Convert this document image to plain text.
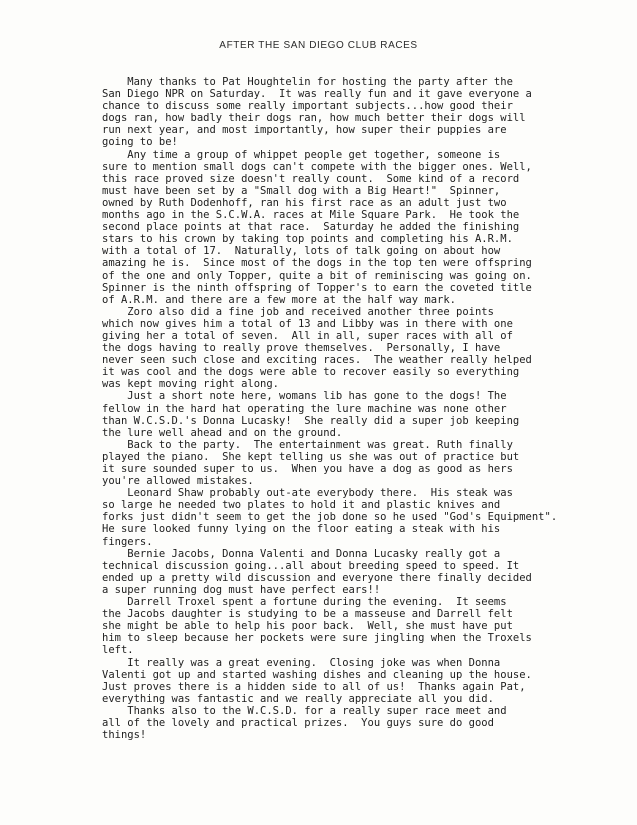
AFTER THE SAN DIEGO CLUB RACES
Many thanks to Pat Houghtelin for hosting the party after the
San Diego NPR on Saturday.  It was really fun and it gave everyone a
chance to discuss some really important subjects...how good their
dogs ran, how badly their dogs ran, how much better their dogs will
run next year, and most importantly, how super their puppies are
going to be!
Any time a group of whippet people get together, someone is
sure to mention small dogs can't compete with the bigger ones. Well,
this race proved size doesn't really count.  Some kind of a record
must have been set by a "Small dog with a Big Heart!"  Spinner,
owned by Ruth Dodenhoff, ran his first race as an adult just two
months ago in the S.C.W.A. races at Mile Square Park.  He took the
second place points at that race.  Saturday he added the finishing
stars to his crown by taking top points and completing his A.R.M.
with a total of 17.  Naturally, lots of talk going on about how
amazing he is.  Since most of the dogs in the top ten were offspring
of the one and only Topper, quite a bit of reminiscing was going on.
Spinner is the ninth offspring of Topper's to earn the coveted title
of A.R.M. and there are a few more at the half way mark.
Zoro also did a fine job and received another three points
which now gives him a total of 13 and Libby was in there with one
giving her a total of seven.  All in all, super races with all of
the dogs having to really prove themselves.  Personally, I have
never seen such close and exciting races.  The weather really helped
it was cool and the dogs were able to recover easily so everything
was kept moving right along.
Just a short note here, womans lib has gone to the dogs! The
fellow in the hard hat operating the lure machine was none other
than W.C.S.D.'s Donna Lucasky!  She really did a super job keeping
the lure well ahead and on the ground.
Back to the party.  The entertainment was great. Ruth finally
played the piano.  She kept telling us she was out of practice but
it sure sounded super to us.  When you have a dog as good as hers
you're allowed mistakes.
Leonard Shaw probably out-ate everybody there.  His steak was
so large he needed two plates to hold it and plastic knives and
forks just didn't seem to get the job done so he used "God's Equipment".
He sure looked funny lying on the floor eating a steak with his
fingers.
Bernie Jacobs, Donna Valenti and Donna Lucasky really got a
technical discussion going...all about breeding speed to speed. It
ended up a pretty wild discussion and everyone there finally decided
a super running dog must have perfect ears!!
Darrell Troxel spent a fortune during the evening.  It seems
the Jacobs daughter is studying to be a masseuse and Darrell felt
she might be able to help his poor back.  Well, she must have put
him to sleep because her pockets were sure jingling when the Troxels
left.
It really was a great evening.  Closing joke was when Donna
Valenti got up and started washing dishes and cleaning up the house.
Just proves there is a hidden side to all of us!  Thanks again Pat,
everything was fantastic and we really appreciate all you did.
Thanks also to the W.C.S.D. for a really super race meet and
all of the lovely and practical prizes.  You guys sure do good
things!
